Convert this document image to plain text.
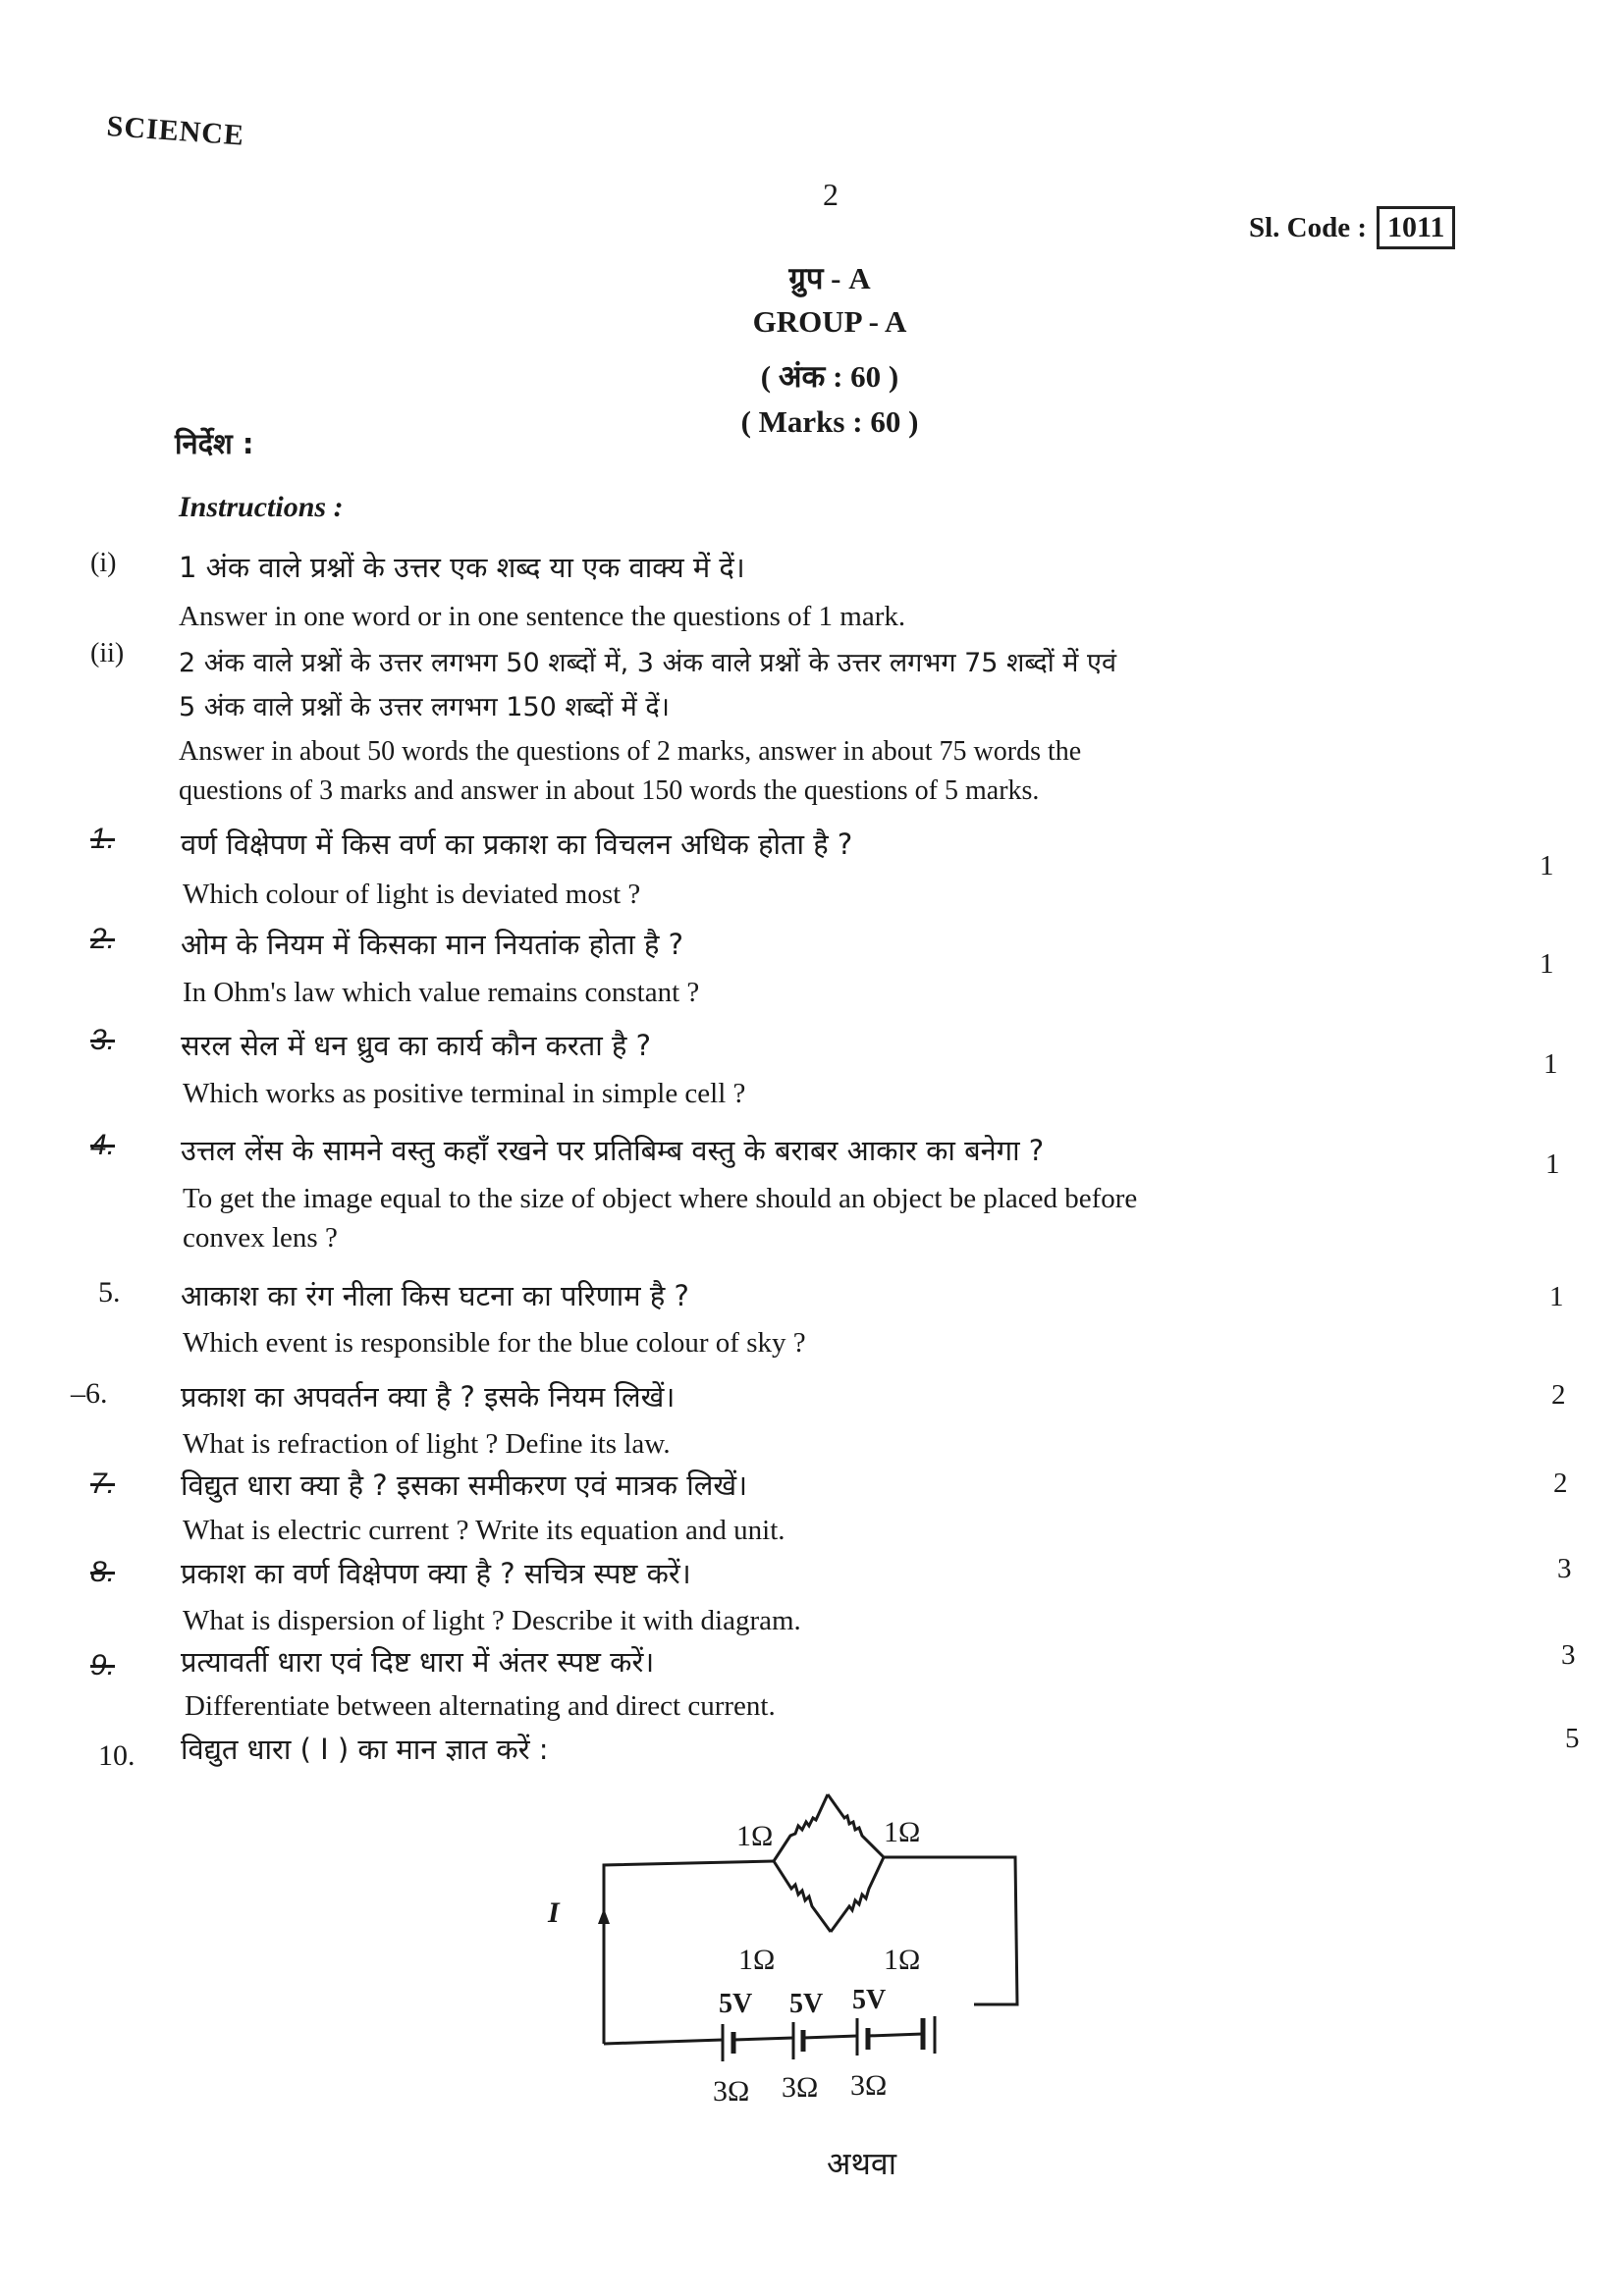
SCIENCE
2
Sl. Code : 1011
ग्रुप - A
GROUP - A
( अंक : 60 )
( Marks : 60 )
निर्देश :
Instructions :
(i) 1 अंक वाले प्रश्नों के उत्तर एक शब्द या एक वाक्य में दें।
Answer in one word or in one sentence the questions of 1 mark.
(ii) 2 अंक वाले प्रश्नों के उत्तर लगभग 50 शब्दों में, 3 अंक वाले प्रश्नों के उत्तर लगभग 75 शब्दों में एवं
5 अंक वाले प्रश्नों के उत्तर लगभग 150 शब्दों में दें।
Answer in about 50 words the questions of 2 marks, answer in about 75 words the
questions of 3 marks and answer in about 150 words the questions of 5 marks.
1. वर्ण विक्षेपण में किस वर्ण का प्रकाश का विचलन अधिक होता है ?
1
Which colour of light is deviated most ?
2. ओम के नियम में किसका मान नियतांक होता है ?
1
In Ohm's law which value remains constant ?
3. सरल सेल में धन ध्रुव का कार्य कौन करता है ?
1
Which works as positive terminal in simple cell ?
4. उत्तल लेंस के सामने वस्तु कहाँ रखने पर प्रतिबिम्ब वस्तु के बराबर आकार का बनेगा ?	1
To get the image equal to the size of object where should an object be placed before
convex lens ?
5. आकाश का रंग नीला किस घटना का परिणाम है ?	1
Which event is responsible for the blue colour of sky ?
–6.	प्रकाश का अपवर्तन क्या है ? इसके नियम लिखें।	2
What is refraction of light ? Define its law.
7. विद्युत धारा क्या है ? इसका समीकरण एवं मात्रक लिखें।	2
What is electric current ? Write its equation and unit.
8. प्रकाश का वर्ण विक्षेपण क्या है ? सचित्र स्पष्ट करें।	3
What is dispersion of light ? Describe it with diagram.
9. प्रत्यावर्ती धारा एवं दिष्ट धारा में अंतर स्पष्ट करें।	3
Differentiate between alternating and direct current.
10. विद्युत धारा ( I ) का मान ज्ञात करें :	5
I
1Ω	1Ω
1Ω	1Ω
5V 5V 5V
3Ω 3Ω 3Ω
अथवा
